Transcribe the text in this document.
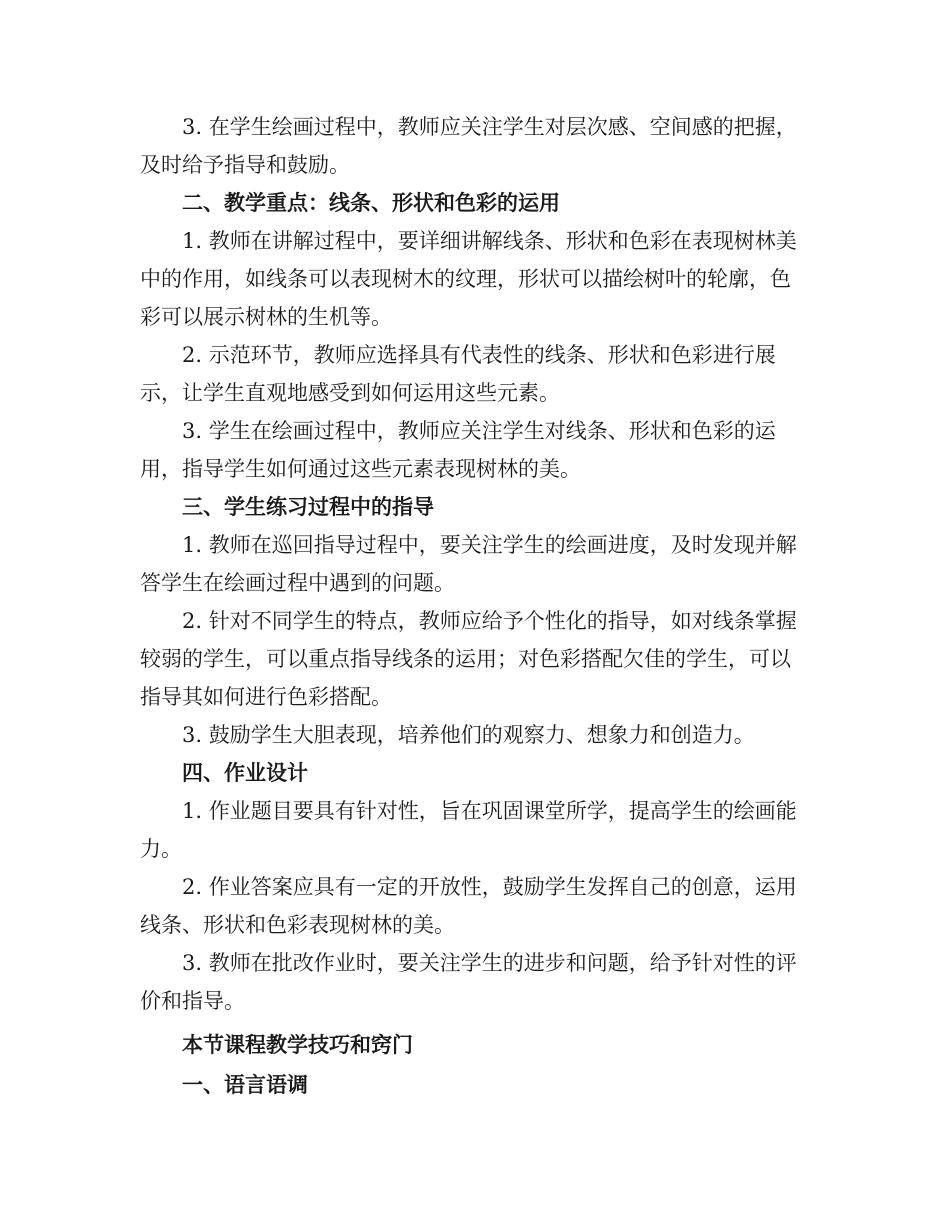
3. 在学生绘画过程中，教师应关注学生对层次感、空间感的把握，及时给予指导和鼓励。

二、教学重点：线条、形状和色彩的运用

1. 教师在讲解过程中，要详细讲解线条、形状和色彩在表现树林美中的作用，如线条可以表现树木的纹理，形状可以描绘树叶的轮廓，色彩可以展示树林的生机等。

2. 示范环节，教师应选择具有代表性的线条、形状和色彩进行展示，让学生直观地感受到如何运用这些元素。

3. 学生在绘画过程中，教师应关注学生对线条、形状和色彩的运用，指导学生如何通过这些元素表现树林的美。

三、学生练习过程中的指导

1. 教师在巡回指导过程中，要关注学生的绘画进度，及时发现并解答学生在绘画过程中遇到的问题。

2. 针对不同学生的特点，教师应给予个性化的指导，如对线条掌握较弱的学生，可以重点指导线条的运用；对色彩搭配欠佳的学生，可以指导其如何进行色彩搭配。

3. 鼓励学生大胆表现，培养他们的观察力、想象力和创造力。

四、作业设计

1. 作业题目要具有针对性，旨在巩固课堂所学，提高学生的绘画能力。

2. 作业答案应具有一定的开放性，鼓励学生发挥自己的创意，运用线条、形状和色彩表现树林的美。

3. 教师在批改作业时，要关注学生的进步和问题，给予针对性的评价和指导。

本节课程教学技巧和窍门

一、语言语调
